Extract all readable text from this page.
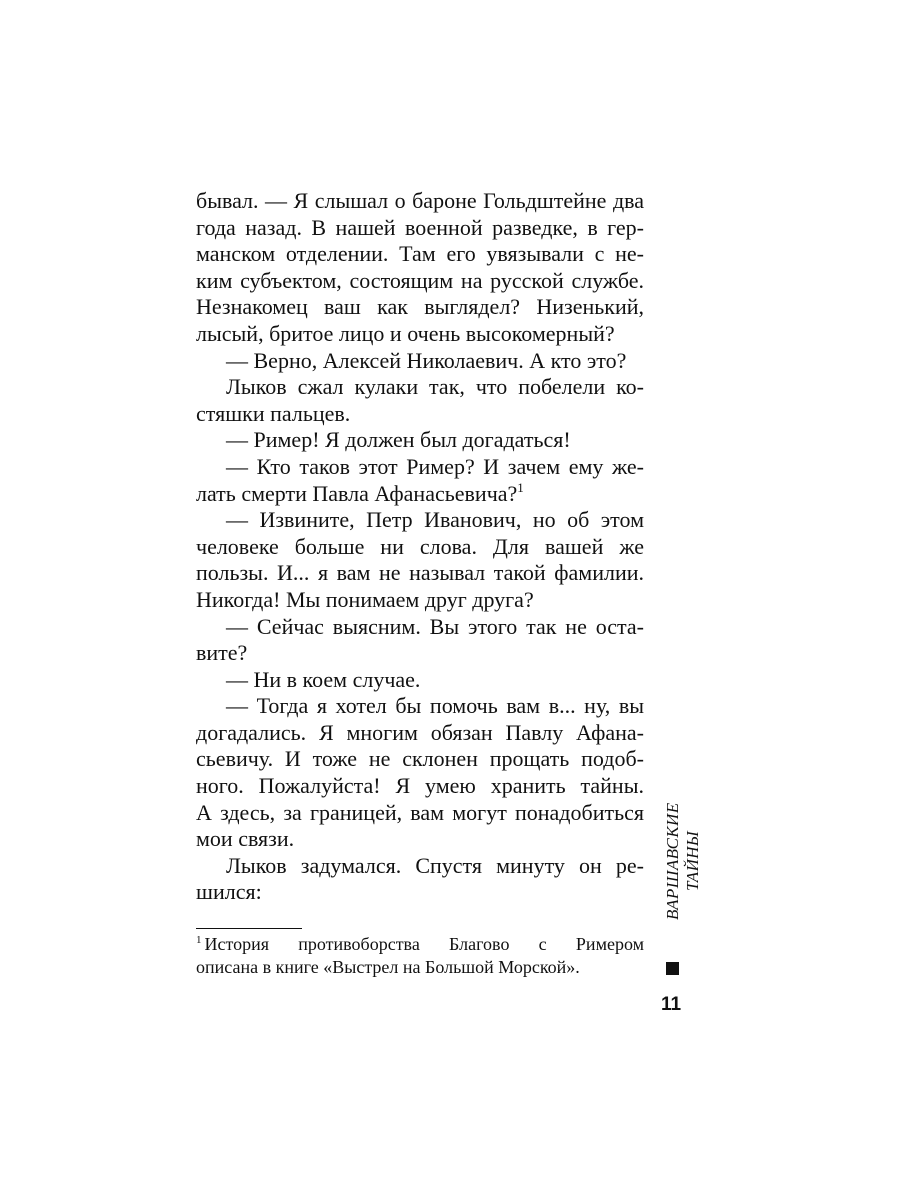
бывал. — Я слышал о бароне Гольдштейне два
года назад. В нашей военной разведке, в гер-
манском отделении. Там его увязывали с не-
ким субъектом, состоящим на русской службе.
Незнакомец ваш как выглядел? Низенький,
лысый, бритое лицо и очень высокомерный?
— Верно, Алексей Николаевич. А кто это?
Лыков сжал кулаки так, что побелели ко-
стяшки пальцев.
— Ример! Я должен был догадаться!
— Кто таков этот Ример? И зачем ему же-
лать смерти Павла Афанасьевича?$^1$
— Извините, Петр Иванович, но об этом
человеке больше ни слова. Для вашей же
пользы. И... я вам не называл такой фамилии.
Никогда! Мы понимаем друг друга?
— Сейчас выясним. Вы этого так не оста-
вите?
— Ни в коем случае.
— Тогда я хотел бы помочь вам в... ну, вы
догадались. Я многим обязан Павлу Афана-
сьевичу. И тоже не склонен прощать подоб-
ного. Пожалуйста! Я умею хранить тайны.
А здесь, за границей, вам могут понадобиться
мои связи.
Лыков задумался. Спустя минуту он ре-
шился:
$^1$ История противоборства Благово с Римером
описана в книге «Выстрел на Большой Морской».
ВАРШАВСКИЕ ТАЙНЫ
11
